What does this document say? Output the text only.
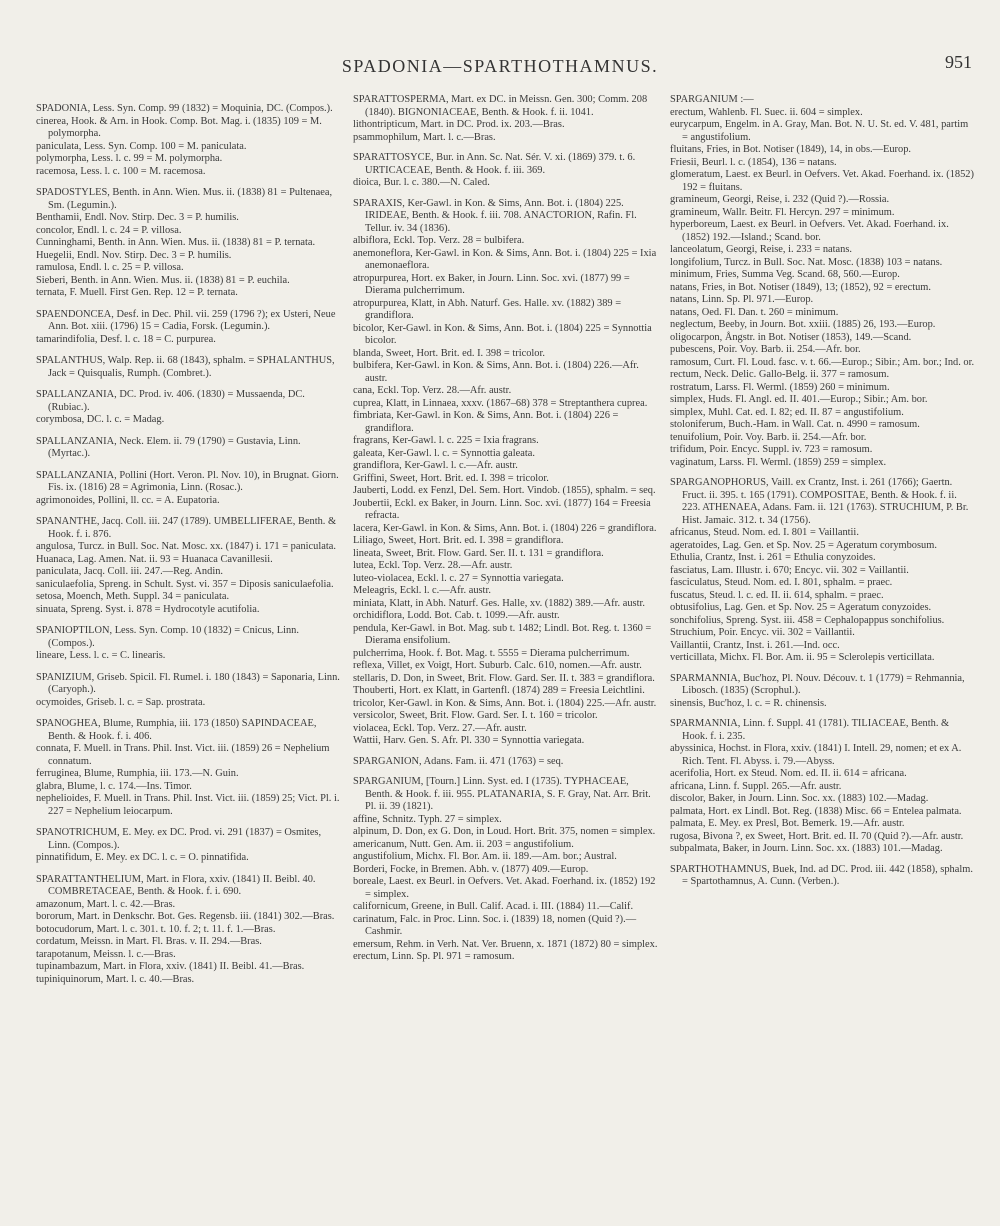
SPADONIA—SPARTHOTHAMNUS.	951

SPADONIA, Less. Syn. Comp. 99 (1832) = Moquinia, DC. (Compos.).

cinerea, Hook. & Arn. in Hook. Comp. Bot. Mag. i. (1835) 109 = M. polymorpha.

paniculata, Less. Syn. Comp. 100 = M. paniculata.

polymorpha, Less. l. c. 99 = M. polymorpha.

racemosa, Less. l. c. 100 = M. racemosa.

SPADOSTYLES, Benth. in Ann. Wien. Mus. ii. (1838) 81 = Pultenaea, Sm. (Legumin.).

Benthamii, Endl. Nov. Stirp. Dec. 3 = P. humilis.

concolor, Endl. l. c. 24 = P. villosa.

Cunninghami, Benth. in Ann. Wien. Mus. ii. (1838) 81 = P. ternata.

Huegelii, Endl. Nov. Stirp. Dec. 3 = P. humilis.

ramulosa, Endl. l. c. 25 = P. villosa.

Sieberi, Benth. in Ann. Wien. Mus. ii. (1838) 81 = P. euchila.

ternata, F. Muell. First Gen. Rep. 12 = P. ternata.

SPAENDONCEA, Desf. in Dec. Phil. vii. 259 (1796 ?); ex Usteri, Neue Ann. Bot. xiii. (1796) 15 = Cadia, Forsk. (Legumin.).

tamarindifolia, Desf. l. c. 18 = C. purpurea.

SPALANTHUS, Walp. Rep. ii. 68 (1843), sphalm. = SPHALANTHUS, Jack = Quisqualis, Rumph. (Combret.).

SPALLANZANIA, DC. Prod. iv. 406. (1830) = Mussaenda, DC. (Rubiac.).

corymbosa, DC. l. c. = Madag.

SPALLANZANIA, Neck. Elem. ii. 79 (1790) = Gustavia, Linn. (Myrtac.).

SPALLANZANIA, Pollini (Hort. Veron. Pl. Nov. 10), in Brugnat. Giorn. Fis. ix. (1816) 28 = Agrimonia, Linn. (Rosac.).

agrimonoides, Pollini, ll. cc. = A. Eupatoria.

SPANANTHE, Jacq. Coll. iii. 247 (1789). UMBELLIFERAE, Benth. & Hook. f. i. 876.

angulosa, Turcz. in Bull. Soc. Nat. Mosc. xx. (1847) i. 171 = paniculata.

Huanaca, Lag. Amen. Nat. ii. 93 = Huanaca Cavanillesii.

paniculata, Jacq. Coll. iii. 247.—Reg. Andin.

saniculaefolia, Spreng. in Schult. Syst. vi. 357 = Diposis saniculaefolia.

setosa, Moench, Meth. Suppl. 34 = paniculata.

sinuata, Spreng. Syst. i. 878 = Hydrocotyle acutifolia.

SPANIOPTILON, Less. Syn. Comp. 10 (1832) = Cnicus, Linn. (Compos.).

lineare, Less. l. c. = C. linearis.

SPANIZIUM, Griseb. Spicil. Fl. Rumel. i. 180 (1843) = Saponaria, Linn. (Caryoph.).

ocymoides, Griseb. l. c. = Sap. prostrata.

SPANOGHEA, Blume, Rumphia, iii. 173 (1850) SAPINDACEAE, Benth. & Hook. f. i. 406.

connata, F. Muell. in Trans. Phil. Inst. Vict. iii. (1859) 26 = Nephelium connatum.

ferruginea, Blume, Rumphia, iii. 173.—N. Guin.

glabra, Blume, l. c. 174.—Ins. Timor.

nephelioides, F. Muell. in Trans. Phil. Inst. Vict. iii. (1859) 25; Vict. Pl. i. 227 = Nephelium leiocarpum.

SPANOTRICHUM, E. Mey. ex DC. Prod. vi. 291 (1837) = Osmites, Linn. (Compos.).

pinnatifidum, E. Mey. ex DC. l. c. = O. pinnatifida.

SPARATTANTHELIUM, Mart. in Flora, xxiv. (1841) II. Beibl. 40. COMBRETACEAE, Benth. & Hook. f. i. 690.

amazonum, Mart. l. c. 42.—Bras.

bororum, Mart. in Denkschr. Bot. Ges. Regensb. iii. (1841) 302.—Bras.

botocudorum, Mart. l. c. 301. t. 10. f. 2; t. 11. f. 1.—Bras.

cordatum, Meissn. in Mart. Fl. Bras. v. II. 294.—Bras.

tarapotanum, Meissn. l. c.—Bras.

tupinambazum, Mart. in Flora, xxiv. (1841) II. Beibl. 41.—Bras.

tupiniquinorum, Mart. l. c. 40.—Bras.

SPARATTOSPERMA, Mart. ex DC. in Meissn. Gen. 300; Comm. 208 (1840). BIGNONIACEAE, Benth. & Hook. f. ii. 1041.

lithontripticum, Mart. in DC. Prod. ix. 203.—Bras.

psammophilum, Mart. l. c.—Bras.

SPARATTOSYCE, Bur. in Ann. Sc. Nat. Sér. V. xi. (1869) 379. t. 6. URTICACEAE, Benth. & Hook. f. iii. 369.

dioica, Bur. l. c. 380.—N. Caled.

SPARAXIS, Ker-Gawl. in Kon. & Sims, Ann. Bot. i. (1804) 225. IRIDEAE, Benth. & Hook. f. iii. 708. ANACTORION, Rafin. Fl. Tellur. iv. 34 (1836).

albiflora, Eckl. Top. Verz. 28 = bulbifera.

anemoneflora, Ker-Gawl. in Kon. & Sims, Ann. Bot. i. (1804) 225 = Ixia anemonaeflora.

atropurpurea, Hort. ex Baker, in Journ. Linn. Soc. xvi. (1877) 99 = Dierama pulcherrimum.

atropurpurea, Klatt, in Abh. Naturf. Ges. Halle. xv. (1882) 389 = grandiflora.

bicolor, Ker-Gawl. in Kon. & Sims, Ann. Bot. i. (1804) 225 = Synnottia bicolor.

blanda, Sweet, Hort. Brit. ed. I. 398 = tricolor.

bulbifera, Ker-Gawl. in Kon. & Sims, Ann. Bot. i. (1804) 226.—Afr. austr.

cana, Eckl. Top. Verz. 28.—Afr. austr.

cuprea, Klatt, in Linnaea, xxxv. (1867–68) 378 = Streptanthera cuprea.

fimbriata, Ker-Gawl. in Kon. & Sims, Ann. Bot. i. (1804) 226 = grandiflora.

fragrans, Ker-Gawl. l. c. 225 = Ixia fragrans.

galeata, Ker-Gawl. l. c. = Synnottia galeata.

grandiflora, Ker-Gawl. l. c.—Afr. austr.

Griffini, Sweet, Hort. Brit. ed. I. 398 = tricolor.

Jauberti, Lodd. ex Fenzl, Del. Sem. Hort. Vindob. (1855), sphalm. = seq.

Joubertii, Eckl. ex Baker, in Journ. Linn. Soc. xvi. (1877) 164 = Freesia refracta.

lacera, Ker-Gawl. in Kon. & Sims, Ann. Bot. i. (1804) 226 = grandiflora.

Liliago, Sweet, Hort. Brit. ed. I. 398 = grandiflora.

lineata, Sweet, Brit. Flow. Gard. Ser. II. t. 131 = grandiflora.

lutea, Eckl. Top. Verz. 28.—Afr. austr.

luteo-violacea, Eckl. l. c. 27 = Synnottia variegata.

Meleagris, Eckl. l. c.—Afr. austr.

miniata, Klatt, in Abh. Naturf. Ges. Halle, xv. (1882) 389.—Afr. austr.

orchidiflora, Lodd. Bot. Cab. t. 1099.—Afr. austr.

pendula, Ker-Gawl. in Bot. Mag. sub t. 1482; Lindl. Bot. Reg. t. 1360 = Dierama ensifolium.

pulcherrima, Hook. f. Bot. Mag. t. 5555 = Dierama pulcherrimum.

reflexa, Villet, ex Voigt, Hort. Suburb. Calc. 610, nomen.—Afr. austr.

stellaris, D. Don, in Sweet, Brit. Flow. Gard. Ser. II. t. 383 = grandiflora.

Thouberti, Hort. ex Klatt, in Gartenfl. (1874) 289 = Freesia Leichtlini.

tricolor, Ker-Gawl. in Kon. & Sims, Ann. Bot. i. (1804) 225.—Afr. austr.

versicolor, Sweet, Brit. Flow. Gard. Ser. I. t. 160 = tricolor.

violacea, Eckl. Top. Verz. 27.—Afr. austr.

Wattii, Harv. Gen. S. Afr. Pl. 330 = Synnottia variegata.

SPARGANION, Adans. Fam. ii. 471 (1763) = seq.

SPARGANIUM, [Tourn.] Linn. Syst. ed. I (1735). TYPHACEAE, Benth. & Hook. f. iii. 955. PLATANARIA, S. F. Gray, Nat. Arr. Brit. Pl. ii. 39 (1821).

affine, Schnitz. Typh. 27 = simplex.

alpinum, D. Don, ex G. Don, in Loud. Hort. Brit. 375, nomen = simplex.

americanum, Nutt. Gen. Am. ii. 203 = angustifolium.

angustifolium, Michx. Fl. Bor. Am. ii. 189.—Am. bor.; Austral.

Borderi, Focke, in Bremen. Abh. v. (1877) 409.—Europ.

boreale, Laest. ex Beurl. in Oefvers. Vet. Akad. Foerhand. ix. (1852) 192 = simplex.

californicum, Greene, in Bull. Calif. Acad. i. III. (1884) 11.—Calif.

carinatum, Falc. in Proc. Linn. Soc. i. (1839) 18, nomen (Quid ?).—Cashmir.

emersum, Rehm. in Verh. Nat. Ver. Bruenn, x. 1871 (1872) 80 = simplex.

erectum, Linn. Sp. Pl. 971 = ramosum.

SPARGANIUM :—

erectum, Wahlenb. Fl. Suec. ii. 604 = simplex.

eurycarpum, Engelm. in A. Gray, Man. Bot. N. U. St. ed. V. 481, partim = angustifolium.

fluitans, Fries, in Bot. Notiser (1849), 14, in obs.—Europ.

Friesii, Beurl. l. c. (1854), 136 = natans.

glomeratum, Laest. ex Beurl. in Oefvers. Vet. Akad. Foerhand. ix. (1852) 192 = fluitans.

gramineum, Georgi, Reise, i. 232 (Quid ?).—Rossia.

gramineum, Wallr. Beitr. Fl. Hercyn. 297 = minimum.

hyperboreum, Laest. ex Beurl. in Oefvers. Vet. Akad. Foerhand. ix. (1852) 192.—Island.; Scand. bor.

lanceolatum, Georgi, Reise, i. 233 = natans.

longifolium, Turcz. in Bull. Soc. Nat. Mosc. (1838) 103 = natans.

minimum, Fries, Summa Veg. Scand. 68, 560.—Europ.

natans, Fries, in Bot. Notiser (1849), 13; (1852), 92 = erectum.

natans, Linn. Sp. Pl. 971.—Europ.

natans, Oed. Fl. Dan. t. 260 = minimum.

neglectum, Beeby, in Journ. Bot. xxiii. (1885) 26, 193.—Europ.

oligocarpon, Ångstr. in Bot. Notiser (1853), 149.—Scand.

pubescens, Poir. Voy. Barb. ii. 254.—Afr. bor.

ramosum, Curt. Fl. Loud. fasc. v. t. 66.—Europ.; Sibir.; Am. bor.; Ind. or.

rectum, Neck. Delic. Gallo-Belg. ii. 377 = ramosum.

rostratum, Larss. Fl. Werml. (1859) 260 = minimum.

simplex, Huds. Fl. Angl. ed. II. 401.—Europ.; Sibir.; Am. bor.

simplex, Muhl. Cat. ed. I. 82; ed. II. 87 = angustifolium.

stoloniferum, Buch.-Ham. in Wall. Cat. n. 4990 = ramosum.

tenuifolium, Poir. Voy. Barb. ii. 254.—Afr. bor.

trifidum, Poir. Encyc. Suppl. iv. 723 = ramosum.

vaginatum, Larss. Fl. Werml. (1859) 259 = simplex.

SPARGANOPHORUS, Vaill. ex Crantz, Inst. i. 261 (1766); Gaertn. Fruct. ii. 395. t. 165 (1791). COMPOSITAE, Benth. & Hook. f. ii. 223. ATHENAEA, Adans. Fam. ii. 121 (1763). STRUCHIUM, P. Br. Hist. Jamaic. 312. t. 34 (1756).

africanus, Steud. Nom. ed. I. 801 = Vaillantii.

ageratoides, Lag. Gen. et Sp. Nov. 25 = Ageratum corymbosum.

Ethulia, Crantz, Inst. i. 261 = Ethulia conyzoides.

fasciatus, Lam. Illustr. i. 670; Encyc. vii. 302 = Vaillantii.

fasciculatus, Steud. Nom. ed. I. 801, sphalm. = praec.

fuscatus, Steud. l. c. ed. II. ii. 614, sphalm. = praec.

obtusifolius, Lag. Gen. et Sp. Nov. 25 = Ageratum conyzoides.

sonchifolius, Spreng. Syst. iii. 458 = Cephalopappus sonchifolius.

Struchium, Poir. Encyc. vii. 302 = Vaillantii.

Vaillantii, Crantz, Inst. i. 261.—Ind. occ.

verticillata, Michx. Fl. Bor. Am. ii. 95 = Sclerolepis verticillata.

SPARMANNIA, Buc'hoz, Pl. Nouv. Découv. t. 1 (1779) = Rehmannia, Libosch. (1835) (Scrophul.).

sinensis, Buc'hoz, l. c. = R. chinensis.

SPARMANNIA, Linn. f. Suppl. 41 (1781). TILIACEAE, Benth. & Hook. f. i. 235.

abyssinica, Hochst. in Flora, xxiv. (1841) I. Intell. 29, nomen; et ex A. Rich. Tent. Fl. Abyss. i. 79.—Abyss.

acerifolia, Hort. ex Steud. Nom. ed. II. ii. 614 = africana.

africana, Linn. f. Suppl. 265.—Afr. austr.

discolor, Baker, in Journ. Linn. Soc. xx. (1883) 102.—Madag.

palmata, Hort. ex Lindl. Bot. Reg. (1838) Misc. 66 = Entelea palmata.

palmata, E. Mey. ex Presl, Bot. Bemerk. 19.—Afr. austr.

rugosa, Bivona ?, ex Sweet, Hort. Brit. ed. II. 70 (Quid ?).—Afr. austr.

subpalmata, Baker, in Journ. Linn. Soc. xx. (1883) 101.—Madag.

SPARTHOTHAMNUS, Buek, Ind. ad DC. Prod. iii. 442 (1858), sphalm. = Spartothamnus, A. Cunn. (Verben.).
